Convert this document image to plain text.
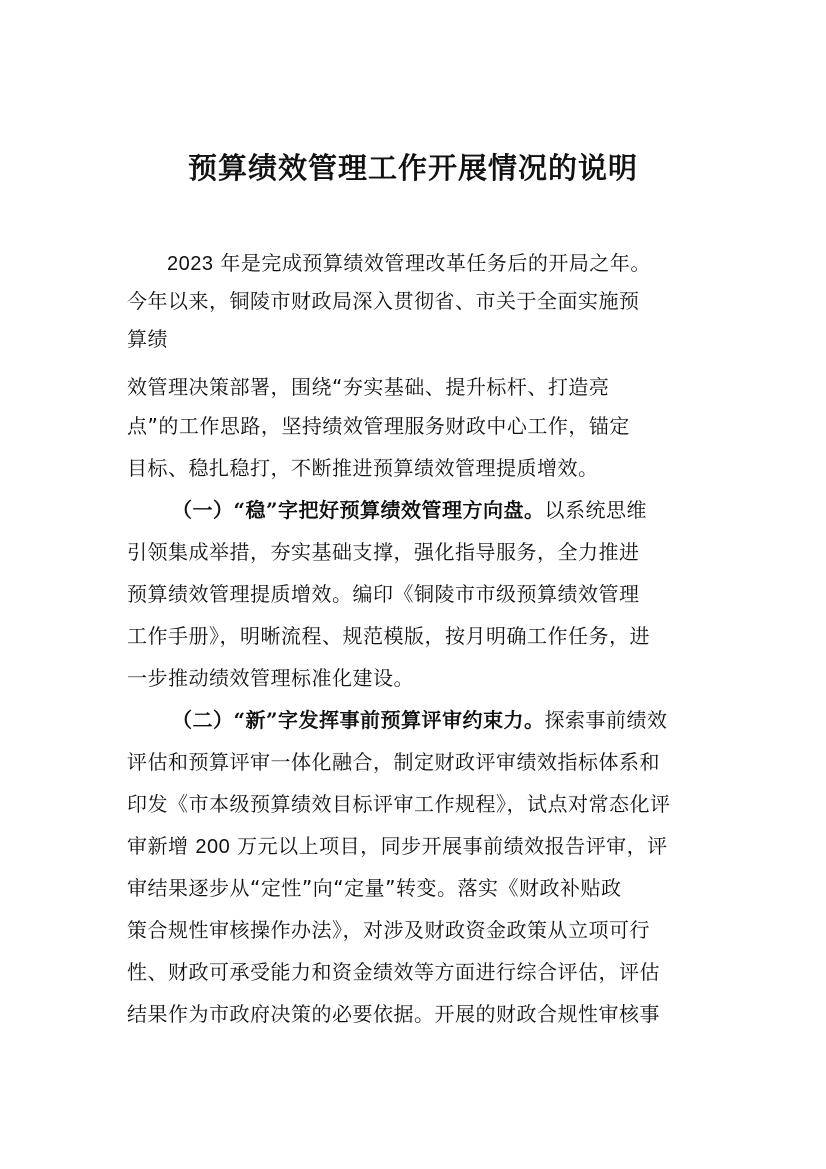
预算绩效管理工作开展情况的说明
2023 年是完成预算绩效管理改革任务后的开局之年。
今年以来，铜陵市财政局深入贯彻省、市关于全面实施预
算绩
效管理决策部署，围绕“夯实基础、提升标杆、打造亮
点”的工作思路，坚持绩效管理服务财政中心工作，锚定
目标、稳扎稳打，不断推进预算绩效管理提质增效。
（一）“稳”字把好预算绩效管理方向盘。以系统思维
引领集成举措，夯实基础支撑，强化指导服务，全力推进
预算绩效管理提质增效。编印《铜陵市市级预算绩效管理
工作手册》，明晰流程、规范模版，按月明确工作任务，进
一步推动绩效管理标准化建设。
（二）“新”字发挥事前预算评审约束力。探索事前绩效
评估和预算评审一体化融合，制定财政评审绩效指标体系和
印发《市本级预算绩效目标评审工作规程》，试点对常态化评
审新增 200 万元以上项目，同步开展事前绩效报告评审，评
审结果逐步从“定性”向“定量”转变。落实《财政补贴政
策合规性审核操作办法》，对涉及财政资金政策从立项可行
性、财政可承受能力和资金绩效等方面进行综合评估，评估
结果作为市政府决策的必要依据。开展的财政合规性审核事
